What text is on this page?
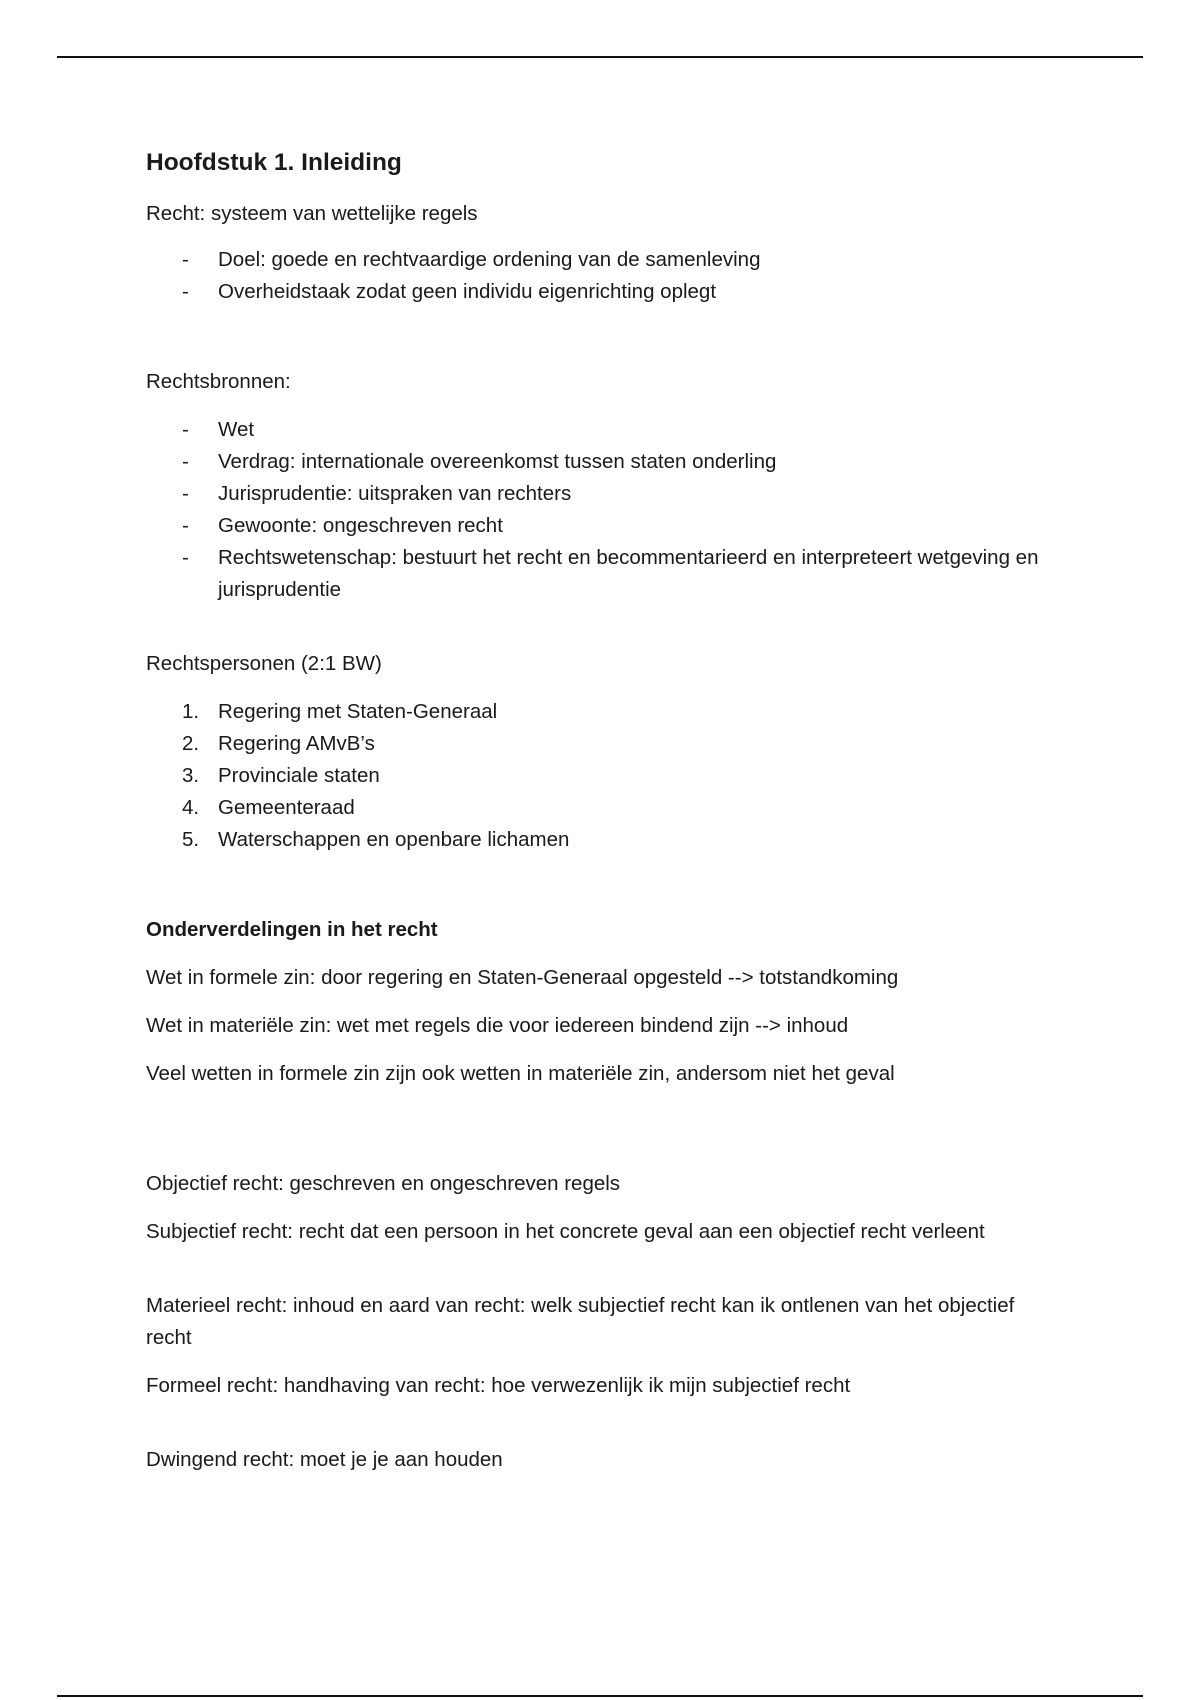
Hoofdstuk 1. Inleiding

Recht: systeem van wettelijke regels

- Doel: goede en rechtvaardige ordening van de samenleving
- Overheidstaak zodat geen individu eigenrichting oplegt

Rechtsbronnen:

- Wet
- Verdrag: internationale overeenkomst tussen staten onderling
- Jurisprudentie: uitspraken van rechters
- Gewoonte: ongeschreven recht
- Rechtswetenschap: bestuurt het recht en becommentarieerd en interpreteert wetgeving en jurisprudentie

Rechtspersonen (2:1 BW)

1. Regering met Staten-Generaal
2. Regering AMvB’s
3. Provinciale staten
4. Gemeenteraad
5. Waterschappen en openbare lichamen

Onderverdelingen in het recht

Wet in formele zin: door regering en Staten-Generaal opgesteld --> totstandkoming

Wet in materiële zin: wet met regels die voor iedereen bindend zijn --> inhoud

Veel wetten in formele zin zijn ook wetten in materiële zin, andersom niet het geval

Objectief recht: geschreven en ongeschreven regels

Subjectief recht: recht dat een persoon in het concrete geval aan een objectief recht verleent

Materieel recht: inhoud en aard van recht: welk subjectief recht kan ik ontlenen van het objectief recht

Formeel recht: handhaving van recht: hoe verwezenlijk ik mijn subjectief recht

Dwingend recht: moet je je aan houden
